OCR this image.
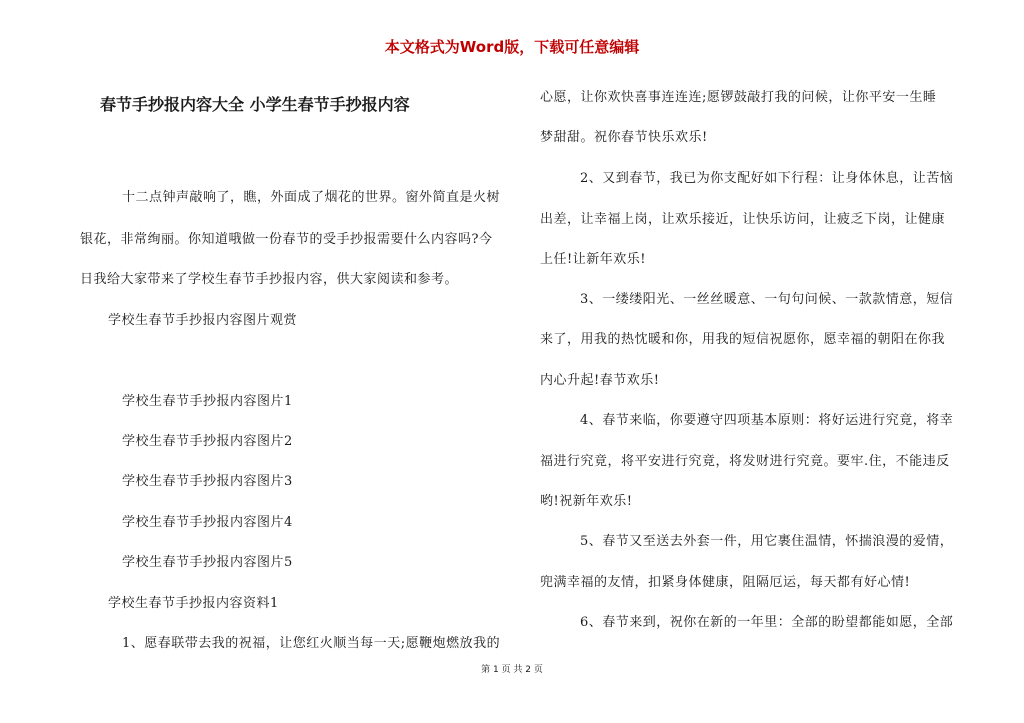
本文格式为Word版，下载可任意编辑
春节手抄报内容大全 小学生春节手抄报内容
十二点钟声敲响了，瞧，外面成了烟花的世界。窗外简直是火树
银花，非常绚丽。你知道哦做一份春节的受手抄报需要什么内容吗?今
日我给大家带来了学校生春节手抄报内容，供大家阅读和参考。
学校生春节手抄报内容图片观赏
学校生春节手抄报内容图片1
学校生春节手抄报内容图片2
学校生春节手抄报内容图片3
学校生春节手抄报内容图片4
学校生春节手抄报内容图片5
学校生春节手抄报内容资料1
1、愿春联带去我的祝福，让您红火顺当每一天;愿鞭炮燃放我的
心愿，让你欢快喜事连连连;愿锣鼓敲打我的问候，让你平安一生睡
梦甜甜。祝你春节快乐欢乐!
2、又到春节，我已为你支配好如下行程：让身体休息，让苦恼
出差，让幸福上岗，让欢乐接近，让快乐访问，让疲乏下岗，让健康
上任!让新年欢乐!
3、一缕缕阳光、一丝丝暖意、一句句问候、一款款情意，短信
来了，用我的热忱暖和你，用我的短信祝愿你，愿幸福的朝阳在你我
内心升起!春节欢乐!
4、春节来临，你要遵守四项基本原则：将好运进行究竟，将幸
福进行究竟，将平安进行究竟，将发财进行究竟。要牢.住，不能违反
哟!祝新年欢乐!
5、春节又至送去外套一件，用它裹住温情，怀揣浪漫的爱情，
兜满幸福的友情，扣紧身体健康，阻隔厄运，每天都有好心情!
6、春节来到，祝你在新的一年里：全部的盼望都能如愿，全部
第 1 页 共 2 页
